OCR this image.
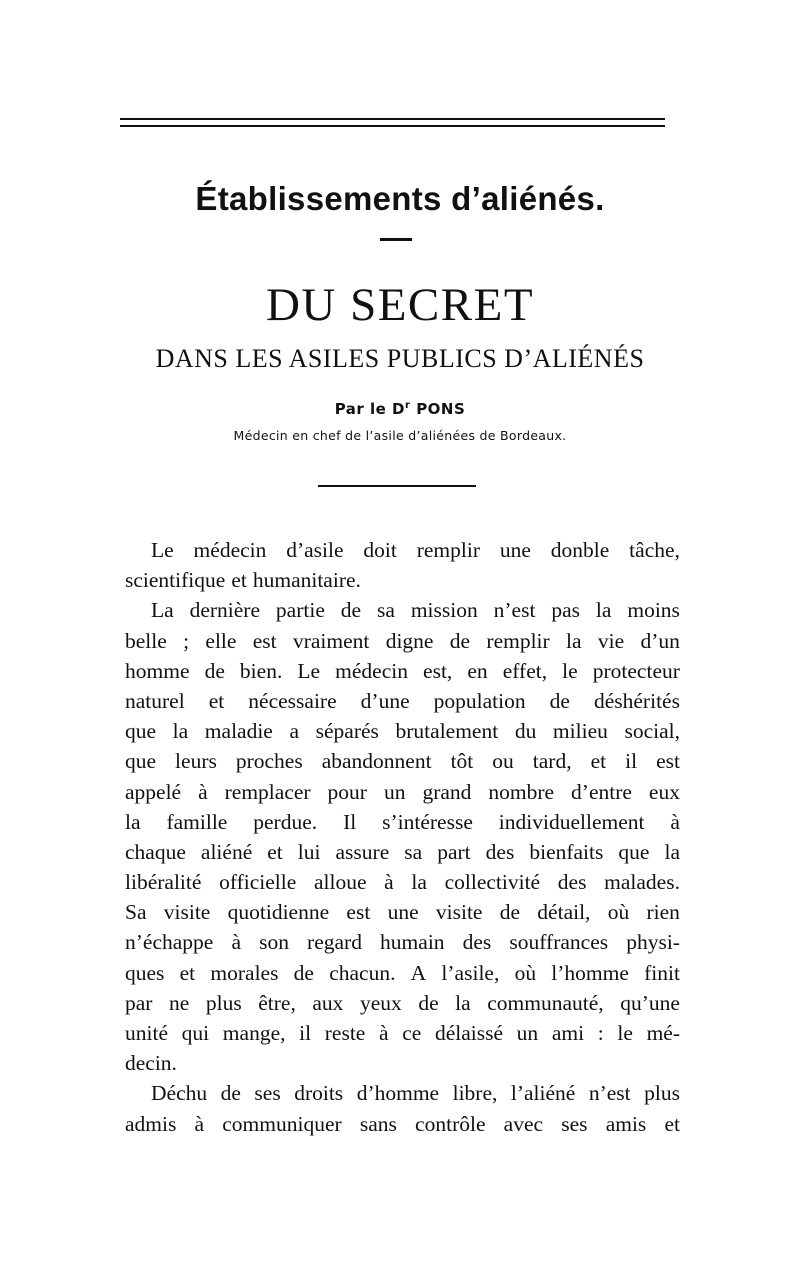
Établissements d’aliénés.
DU SECRET
DANS LES ASILES PUBLICS D’ALIÉNÉS
Par le $D^r$ PONS
Médecin en chef de l’asile d’aliénées de Bordeaux.
Le médecin d’asile doit remplir une donble tâche,
scientifique et humanitaire.
La dernière partie de sa mission n’est pas la moins
belle ; elle est vraiment digne de remplir la vie d’un
homme de bien. Le médecin est, en effet, le protecteur
naturel et nécessaire d’une population de déshérités
que la maladie a séparés brutalement du milieu social,
que leurs proches abandonnent tôt ou tard, et il est
appelé à remplacer pour un grand nombre d’entre eux
la famille perdue. Il s’intéresse individuellement à
chaque aliéné et lui assure sa part des bienfaits que la
libéralité officielle alloue à la collectivité des malades.
Sa visite quotidienne est une visite de détail, où rien
n’échappe à son regard humain des souffrances physi-
ques et morales de chacun. A l’asile, où l’homme finit
par ne plus être, aux yeux de la communauté, qu’une
unité qui mange, il reste à ce délaissé un ami : le mé-
decin.
Déchu de ses droits d’homme libre, l’aliéné n’est plus
admis à communiquer sans contrôle avec ses amis et
